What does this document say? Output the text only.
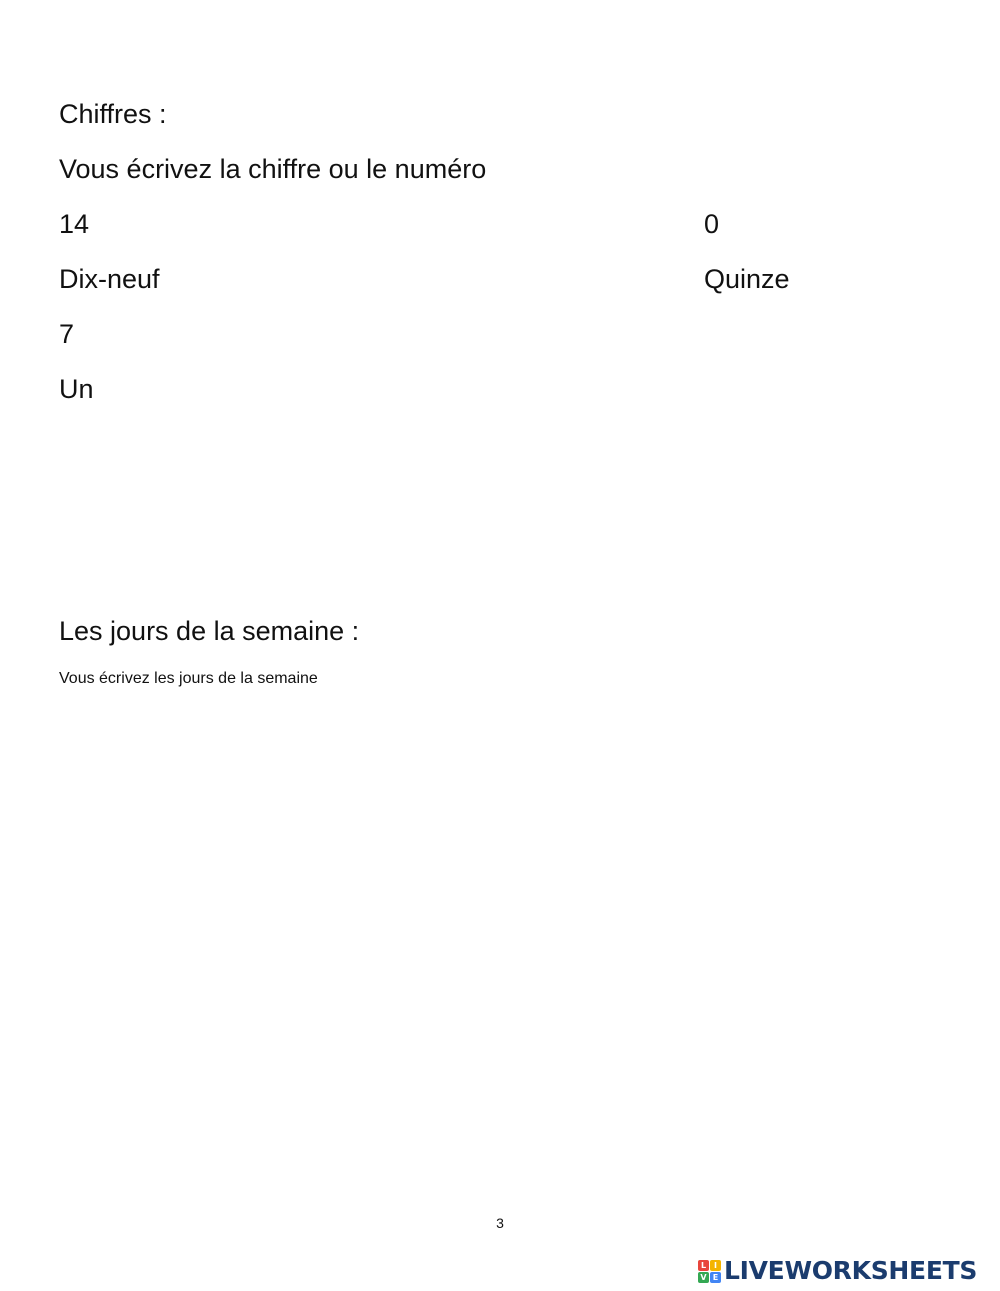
Chiffres :
Vous écrivez la chiffre ou le numéro
14	0
Dix-neuf	Quinze
7
Un
Les jours de la semaine :
Vous écrivez les jours de la semaine
3
L I
V E LIVEWORKSHEETS
